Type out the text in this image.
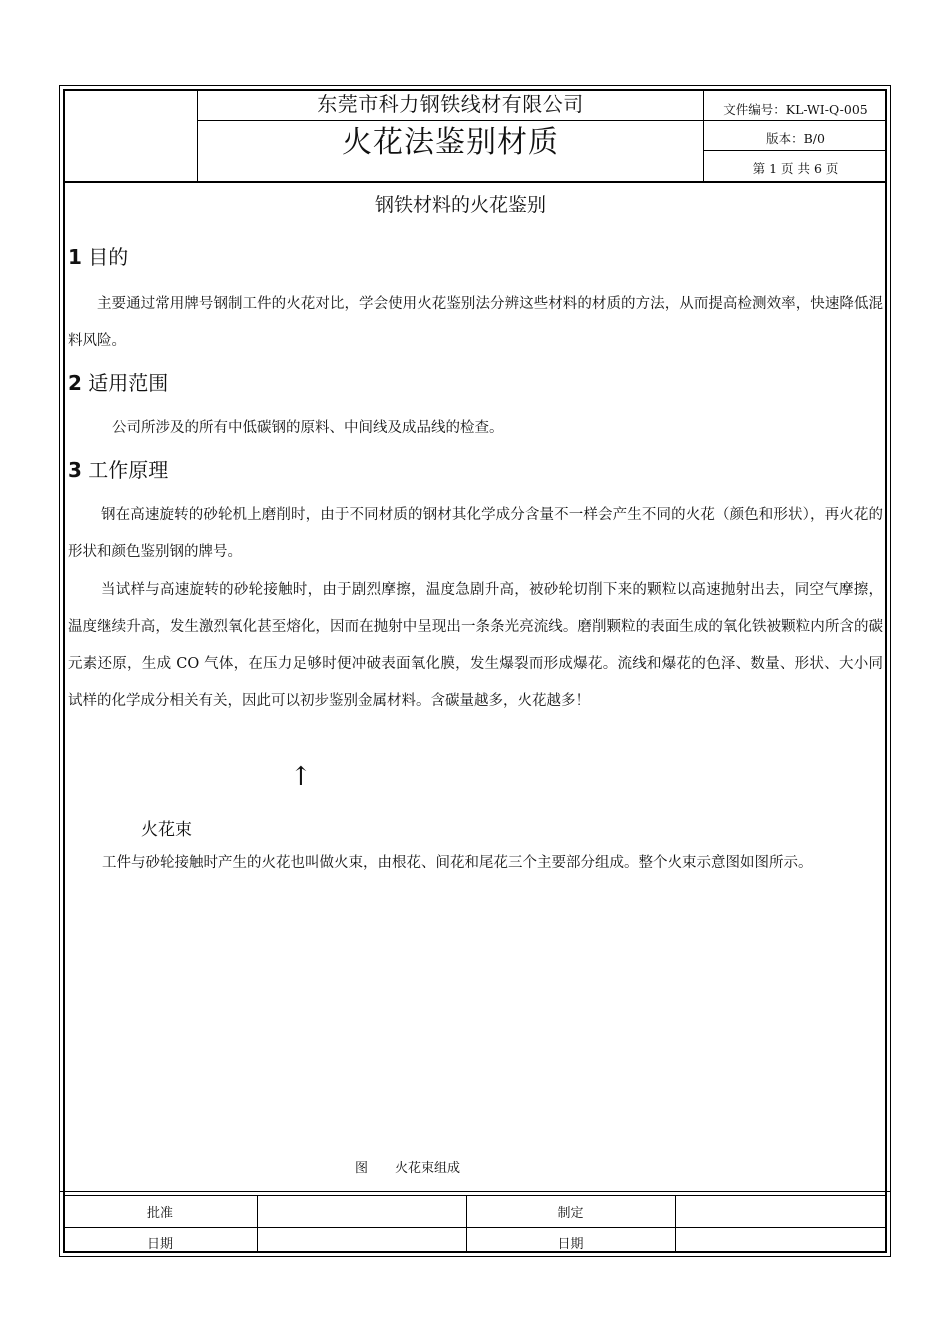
东莞市科力钢铁线材有限公司
火花法鉴别材质
文件编号：KL-WI-Q-005
版本：B/0
第 1 页 共 6 页
钢铁材料的火花鉴别
1 目的
主要通过常用牌号钢制工件的火花对比，学会使用火花鉴别法分辨这些材料的材质的方法，从而提高检测效率，快速降低混料风险。
2 适用范围
公司所涉及的所有中低碳钢的原料、中间线及成品线的检查。
3 工作原理
钢在高速旋转的砂轮机上磨削时，由于不同材质的钢材其化学成分含量不一样会产生不同的火花（颜色和形状），再火花的形状和颜色鉴别钢的牌号。
当试样与高速旋转的砂轮接触时，由于剧烈摩擦，温度急剧升高，被砂轮切削下来的颗粒以高速抛射出去，同空气摩擦，温度继续升高，发生激烈氧化甚至熔化，因而在抛射中呈现出一条条光亮流线。磨削颗粒的表面生成的氧化铁被颗粒内所含的碳元素还原，生成 CO 气体，在压力足够时便冲破表面氧化膜，发生爆裂而形成爆花。流线和爆花的色泽、数量、形状、大小同试样的化学成分相关有关，因此可以初步鉴别金属材料。含碳量越多，火花越多！
↑
火花束
工件与砂轮接触时产生的火花也叫做火束，由根花、间花和尾花三个主要部分组成。整个火束示意图如图所示。
图 火花束组成
批准	制定
日期	日期
